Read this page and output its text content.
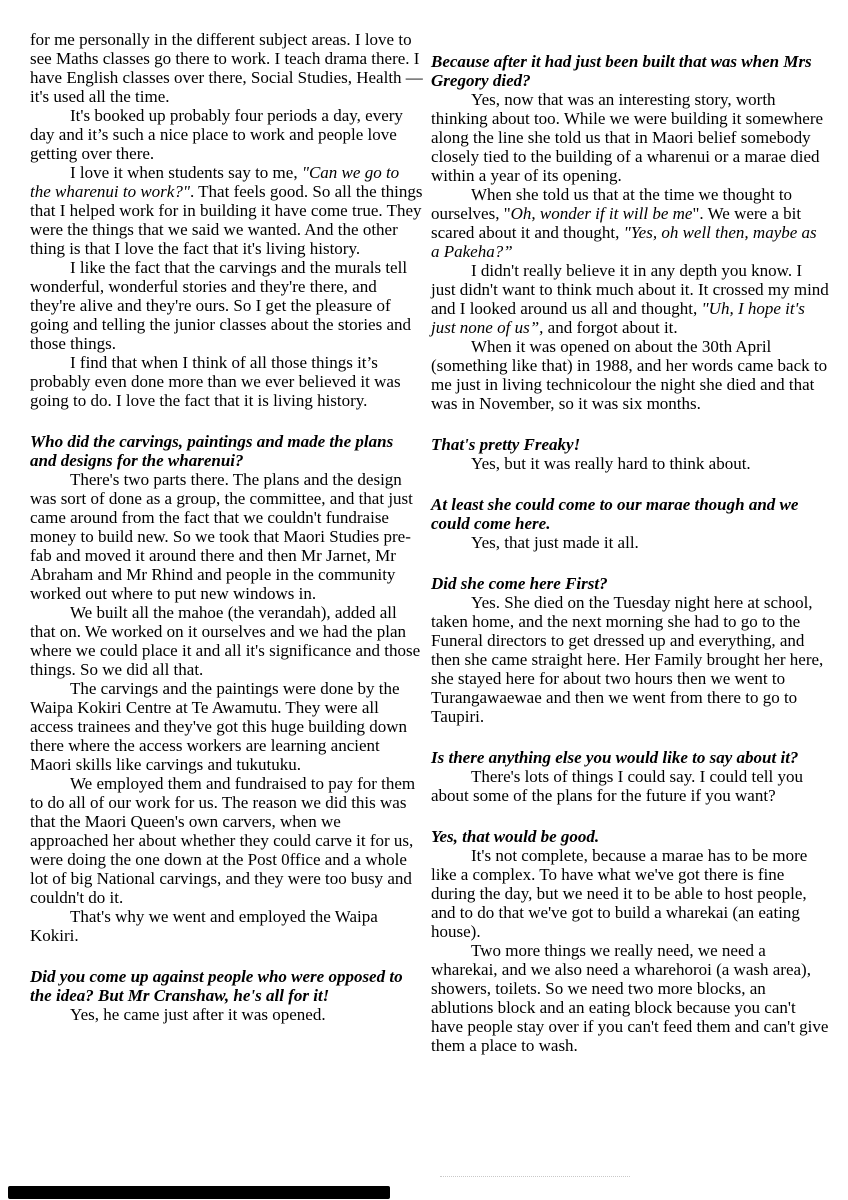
for me personally in the different subject areas. I love to see Maths classes go there to work. I teach drama there. I have English classes over there, Social Studies, Health — it's used all the time.

It's booked up probably four periods a day, every day and it’s such a nice place to work and people love getting over there.

I love it when students say to me, "Can we go to the wharenui to work?". That feels good. So all the things that I helped work for in building it have come true. They were the things that we said we wanted. And the other thing is that I love the fact that it's living history.

I like the fact that the carvings and the murals tell wonderful, wonderful stories and they're there, and they're alive and they're ours. So I get the pleasure of going and telling the junior classes about the stories and those things.

I find that when I think of all those things it’s probably even done more than we ever believed it was going to do. I love the fact that it is living history.

Who did the carvings, paintings and made the plans and designs for the wharenui?

There's two parts there. The plans and the design was sort of done as a group, the committee, and that just came around from the fact that we couldn't fundraise money to build new. So we took that Maori Studies pre-fab and moved it around there and then Mr Jarnet, Mr Abraham and Mr Rhind and people in the community worked out where to put new windows in.

We built all the mahoe (the verandah), added all that on. We worked on it ourselves and we had the plan where we could place it and all it's significance and those things. So we did all that.

The carvings and the paintings were done by the Waipa Kokiri Centre at Te Awamutu. They were all access trainees and they've got this huge building down there where the access workers are learning ancient Maori skills like carvings and tukutuku.

We employed them and fundraised to pay for them to do all of our work for us. The reason we did this was that the Maori Queen's own carvers, when we approached her about whether they could carve it for us, were doing the one down at the Post 0ffice and a whole lot of big National carvings, and they were too busy and couldn't do it.

That's why we went and employed the Waipa Kokiri.

Did you come up against people who were opposed to the idea? But Mr Cranshaw, he's all for it!

Yes, he came just after it was opened.

Because after it had just been built that was when Mrs Gregory died?

Yes, now that was an interesting story, worth thinking about too. While we were building it somewhere along the line she told us that in Maori belief somebody closely tied to the building of a wharenui or a marae died within a year of its opening.

When she told us that at the time we thought to ourselves, "Oh, wonder if it will be me". We were a bit scared about it and thought, "Yes, oh well then, maybe as a Pakeha?”

I didn't really believe it in any depth you know. I just didn't want to think much about it. It crossed my mind and I looked around us all and thought, "Uh, I hope it's just none of us”, and forgot about it.

When it was opened on about the 30th April (something like that) in 1988, and her words came back to me just in living technicolour the night she died and that was in November, so it was six months.

That's pretty Freaky!

Yes, but it was really hard to think about.

At least she could come to our marae though and we could come here.

Yes, that just made it all.

Did she come here First?

Yes. She died on the Tuesday night here at school, taken home, and the next morning she had to go to the Funeral directors to get dressed up and everything, and then she came straight here. Her Family brought her here, she stayed here for about two hours then we went to Turangawaewae and then we went from there to go to Taupiri.

Is there anything else you would like to say about it?

There's lots of things I could say. I could tell you about some of the plans for the future if you want?

Yes, that would be good.

It's not complete, because a marae has to be more like a complex. To have what we've got there is fine during the day, but we need it to be able to host people, and to do that we've got to build a wharekai (an eating house).

Two more things we really need, we need a wharekai, and we also need a wharehoroi (a wash area), showers, toilets. So we need two more blocks, an ablutions block and an eating block because you can't have people stay over if you can't feed them and can't give them a place to wash.
